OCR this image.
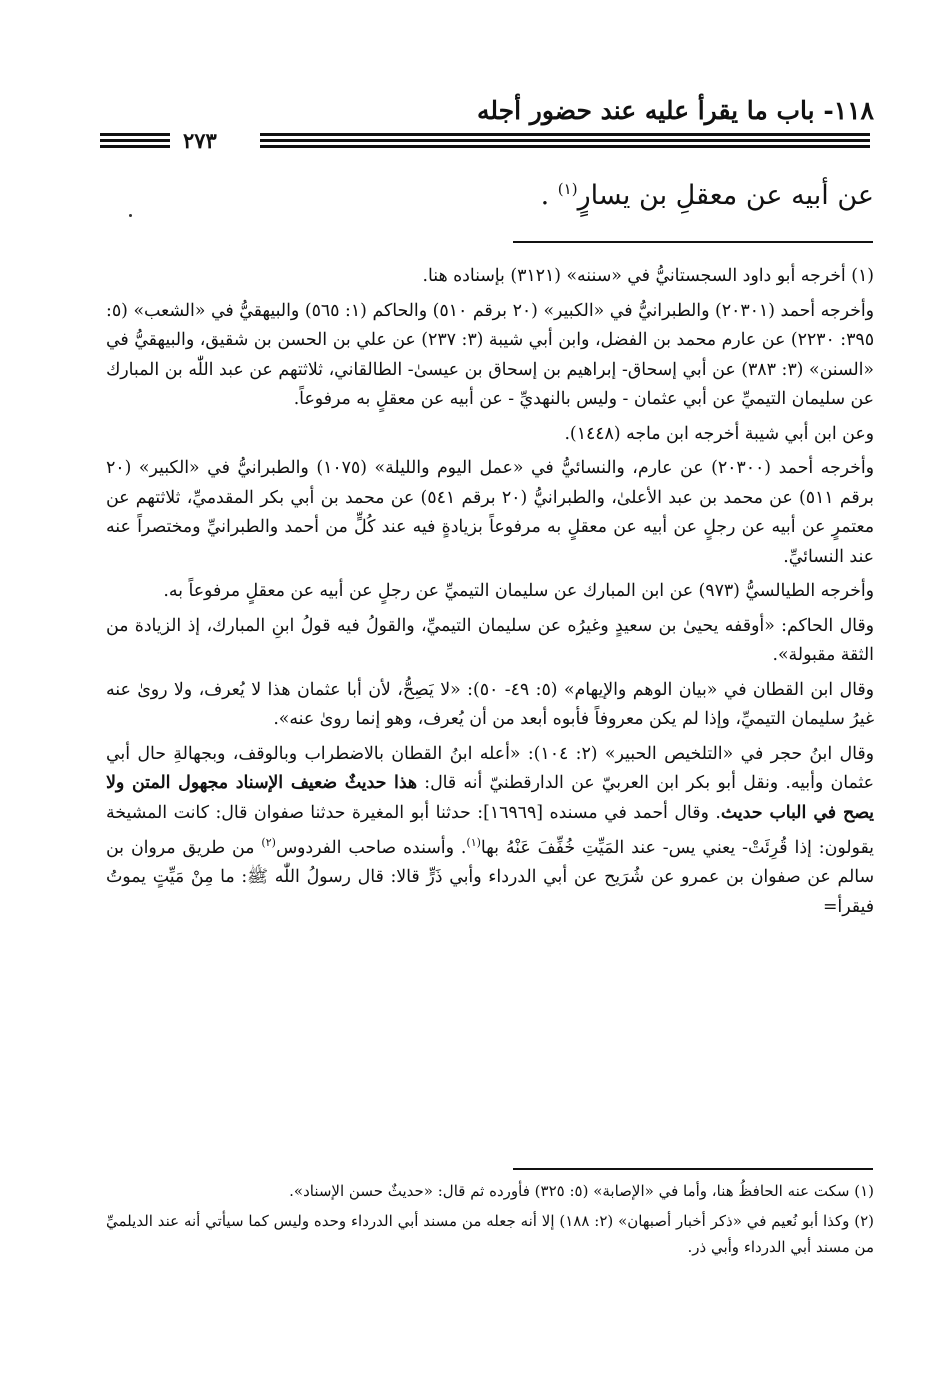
١١٨- باب ما يقرأ عليه عند حضور أجله
٢٧٣
عن أبيه عن معقلِ بن يسارٍ$^{(١)}$ .

(١) أخرجه أبو داود السجستانيُّ في «سننه» (٣١٢١) بإسناده هنا.

وأخرجه أحمد (٢٠٣٠١) والطبرانيُّ في «الكبير» (٢٠ برقم ٥١٠) والحاكم (١: ٥٦٥) والبيهقيُّ في «الشعب» (٥: ٣٩٥: ٢٢٣٠) عن عارم محمد بن الفضل، وابن أبي شيبة (٣: ٢٣٧) عن علي بن الحسن بن شقيق، والبيهقيُّ في «السنن» (٣: ٣٨٣) عن أبي إسحاق- إبراهيم بن إسحاق بن عيسىٰ- الطالقاني، ثلاثتهم عن عبد اللّٰه بن المبارك عن سليمان التيميِّ عن أبي عثمان - وليس بالنهديِّ - عن أبيه عن معقلٍ به مرفوعاً.

وعن ابن أبي شيبة أخرجه ابن ماجه (١٤٤٨).

وأخرجه أحمد (٢٠٣٠٠) عن عارم، والنسائيُّ في «عمل اليوم والليلة» (١٠٧٥) والطبرانيُّ في «الكبير» (٢٠ برقم ٥١١) عن محمد بن عبد الأعلىٰ، والطبرانيُّ (٢٠ برقم ٥٤١) عن محمد بن أبي بكر المقدميِّ، ثلاثتهم عن معتمرٍ عن أبيه عن رجلٍ عن أبيه عن معقلٍ به مرفوعاً بزيادةٍ فيه عند كُلٍّ من أحمد والطبرانيِّ ومختصراً عنه عند النسائيِّ.

وأخرجه الطيالسيُّ (٩٧٣) عن ابن المبارك عن سليمان التيميِّ عن رجلٍ عن أبيه عن معقلٍ مرفوعاً به.

وقال الحاكم: «أوقفه يحيىٰ بن سعيدٍ وغيرُه عن سليمان التيميِّ، والقولُ فيه قولُ ابنِ المبارك، إذ الزيادة من الثقة مقبولة».

وقال ابن القطان في «بيان الوهم والإيهام» (٥: ٤٩- ٥٠): «لا يَصِحُّ، لأن أبا عثمان هذا لا يُعرف، ولا روىٰ عنه غيرُ سليمان التيميِّ، وإذا لم يكن معروفاً فأبوه أبعد من أن يُعرف، وهو إنما روىٰ عنه».

وقال ابنُ حجر في «التلخيص الحبير» (٢: ١٠٤): «أعله ابنُ القطان بالاضطراب وبالوقف، وبجهالةِ حال أبي عثمان وأبيه. ونقل أبو بكر ابن العربيّ عن الدارقطنيّ أنه قال: هذا حديثٌ ضعيف الإسناد مجهول المتن ولا يصح في الباب حديث. وقال أحمد في مسنده [١٦٩٦٩]: حدثنا أبو المغيرة حدثنا صفوان قال: كانت المشيخة يقولون: إذا قُرِئَتْ- يعني يس- عند المَيِّتِ خُفِّفَ عَنْهُ بها$^{(١)}$. وأسنده صاحب الفردوس$^{(٢)}$ من طريق مروان بن سالم عن صفوان بن عمرو عن شُرَيح عن أبي الدرداء وأبي ذَرٍّ قالا: قال رسولُ اللّٰه ﷺ: ما مِنْ مَيِّتٍ يموتُ فيقرأ=

(١) سكت عنه الحافظُ هنا، وأما في «الإصابة» (٥: ٣٢٥) فأورده ثم قال: «حديثٌ حسن الإسناد».

(٢) وكذا أبو نُعيم في «ذكر أخبار أصبهان» (٢: ١٨٨) إلا أنه جعله من مسند أبي الدرداء وحده وليس كما سيأتي أنه عند الديلميِّ من مسند أبي الدرداء وأبي ذر.
